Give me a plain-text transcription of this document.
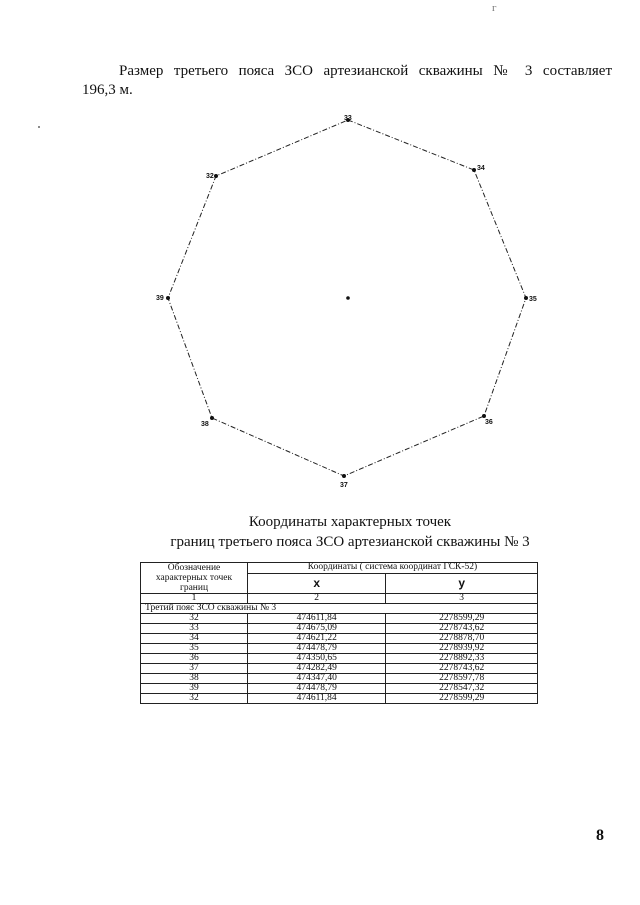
г
Размер третьего поясa ЗСО артезианской скважины № 3 составляет
196,3 м.
33
34
35
36
37
38
39
32
Координаты характерных точек
границ третьего пояса ЗСО артезианской скважины № 3
Обозначение характерных точек границ	Координаты ( система координат ГСК-52)	
	х	у
1	2	3
Третий пояс ЗСО скважины № 3		
32	474611,84	2278599,29
33	474675,09	2278743,62
34	474621,22	2278878,70
35	474478,79	2278939,92
36	474350,65	2278892,33
37	474282,49	2278743,62
38	474347,40	2278597,78
39	474478,79	2278547,32
32	474611,84	2278599,29
8
